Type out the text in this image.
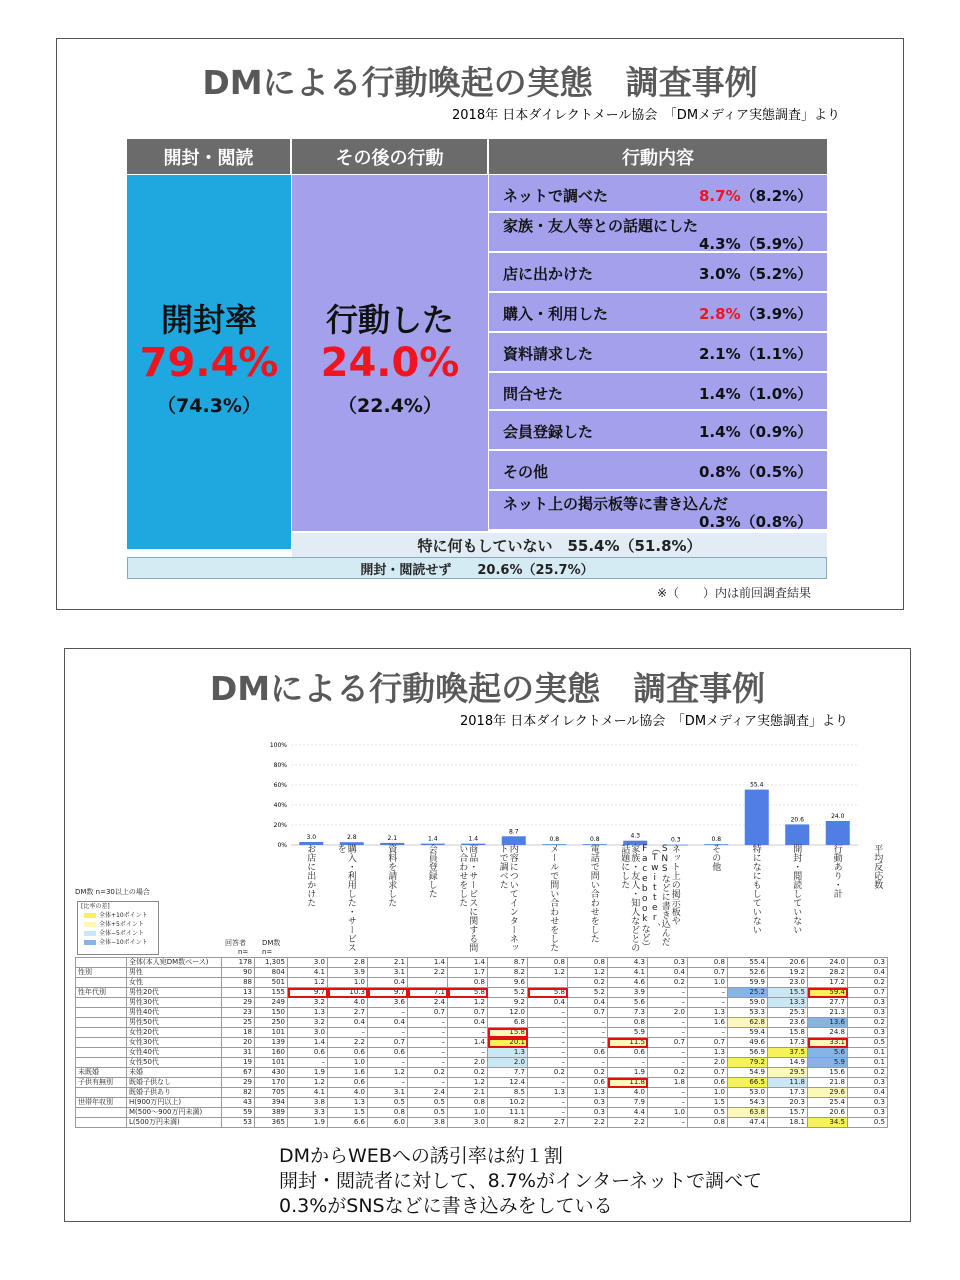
DMによる行動喚起の実態　調査事例
2018年 日本ダイレクトメール協会　「DMメディア実態調査」より
開封・閲読	その後の行動	行動内容
開封率
79.4%
（74.3%）
行動した
24.0%
（22.4%）
ネットで調べた	8.7%（8.2%）
家族・友人等との話題にした
4.3%（5.9%）
店に出かけた	3.0%（5.2%）
購入・利用した	2.8%（3.9%）
資料請求した	2.1%（1.1%）
問合せた	1.4%（1.0%）
会員登録した	1.4%（0.9%）
その他	0.8%（0.5%）
ネット上の掲示板等に書き込んだ
0.3%（0.8%）
特に何もしていない　55.4%（51.8%）
開封・閲読せず　　20.6%（25.7%）
※（　　）内は前回調査結果
DMによる行動喚起の実態　調査事例
2018年 日本ダイレクトメール協会　「DMメディア実態調査」より
DM数 n=30以上の場合
[比率の差]
全体+10ポイント
全体+5ポイント
全体−5ポイント
全体−10ポイント	回答者 DM数
n= n=
0%
20%
40%
60%
80%
100%
3.0	2.8	2.1	1.4	1.4
8.7
0.8	0.8	4.3
0.3	0.8
55.4
20.6	24.0
お店に出かけた	購入・利用した・サービスを	資料を請求した	会員登録した	商品・サービスに関する問い合わせをした	内容についてインターネットで調べた	メールで問い合わせをした	電話で問い合わせをした	家族・友人・知人などとの話題にした	ネット上の掲示板やSNSなどに書き込んだ（Twitter、Facebookなど）	その他	特になにもしていない	開封・閲読していない	行動あり・計	平均反応数
	全体(本人宛DM数ベース)	178	1,305	3.0	2.8	2.1	1.4	1.4	8.7	0.8	0.8	4.3	0.3	0.8	55.4	20.6	24.0	0.3
性別	男性	90	804	4.1	3.9	3.1	2.2	1.7	8.2	1.2	1.2	4.1	0.4	0.7	52.6	19.2	28.2	0.4
	女性	88	501	1.2	1.0	0.4		0.8	9.6		0.2	4.6	0.2	1.0	59.9	23.0	17.2	0.2
性年代別	男性20代	13	155	9.7	10.3	9.7	7.1	5.8	5.2	5.8	5.2	3.9	–	–	25.2	15.5	59.4	0.7
	男性30代	29	249	3.2	4.0	3.6	2.4	1.2	9.2	0.4	0.4	5.6	–	–	59.0	13.3	27.7	0.3
	男性40代	23	150	1.3	2.7	–	0.7	0.7	12.0	–	0.7	7.3	2.0	1.3	53.3	25.3	21.3	0.3
	男性50代	25	250	3.2	0.4	0.4	–	0.4	6.8	–	–	0.8	–	1.6	62.8	23.6	13.6	0.2
	女性20代	18	101	3.0	–	–	–	–	15.8	–	–	5.9	–	–	59.4	15.8	24.8	0.3
	女性30代	20	139	1.4	2.2	0.7	–	1.4	20.1	–	–	11.5	0.7	0.7	49.6	17.3	33.1	0.5
	女性40代	31	160	0.6	0.6	0.6	–	–	1.3	–	0.6	0.6	–	1.3	56.9	37.5	5.6	0.1
	女性50代	19	101	–	1.0	–	–	2.0	2.0	–	–	–	–	2.0	79.2	14.9	5.9	0.1
未既婚	未婚	67	430	1.9	1.6	1.2	0.2	0.2	7.7	0.2	0.2	1.9	0.2	0.7	54.9	29.5	15.6	0.2
子供有無別	既婚子供なし	29	170	1.2	0.6	–	–	1.2	12.4	–	0.6	11.8	1.8	0.6	66.5	11.8	21.8	0.3
	既婚子供あり	82	705	4.1	4.0	3.1	2.4	2.1	8.5	1.3	1.3	4.0	–	1.0	53.0	17.3	29.6	0.4
世帯年収別	H(900万円以上)	43	394	3.8	1.3	0.5	0.5	0.8	10.2	–	0.3	7.9	–	1.5	54.3	20.3	25.4	0.3
	M(500〜900万円未満)	59	389	3.3	1.5	0.8	0.5	1.0	11.1	–	0.3	4.4	1.0	0.5	63.8	15.7	20.6	0.3
	L(500万円未満)	53	365	1.9	6.6	6.0	3.8	3.0	8.2	2.7	2.2	2.2	–	0.8	47.4	18.1	34.5	0.5
DMからWEBへの誘引率は約１割
開封・閲読者に対して、8.7%がインターネットで調べて
0.3%がSNSなどに書き込みをしている
